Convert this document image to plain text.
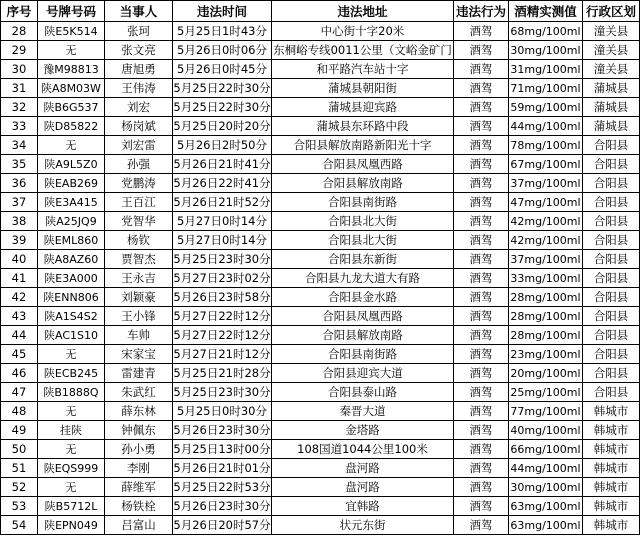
序号	号牌号码	当事人	违法时间	违法地址	违法行为	酒精实测值	行政区划
28	陕E5K514	张珂	5月25日1时43分	中心街十字20米	酒驾	68mg/100ml	潼关县
29	无	张文亮	5月26日0时06分	东桐峪专线0011公里（文峪金矿门	酒驾	30mg/100ml	潼关县
30	豫M98813	唐旭勇	5月26日0时45分	和平路汽车站十字	酒驾	31mg/100ml	潼关县
31	陕A8M03W	王伟涛	5月25日22时30分	蒲城县朝阳街	酒驾	71mg/100ml	蒲城县
32	陕B6G537	刘宏	5月25日22时30分	蒲城县迎宾路	酒驾	59mg/100ml	蒲城县
33	陕D85822	杨岗斌	5月25日20时20分	蒲城县东环路中段	酒驾	44mg/100ml	蒲城县
34	无	刘宏雷	5月26日2时50分	合阳县解放南路新阳光十字	酒驾	78mg/100ml	合阳县
35	陕A9L5Z0	孙强	5月26日21时41分	合阳县凤凰西路	酒驾	67mg/100ml	合阳县
36	陕EAB269	党鹏涛	5月26日22时41分	合阳县解放南路	酒驾	37mg/100ml	合阳县
37	陕E3A415	王百江	5月26日21时52分	合阳县南街路	酒驾	47mg/100ml	合阳县
38	陕A25JQ9	党智华	5月27日0时14分	合阳县北大街	酒驾	42mg/100ml	合阳县
39	陕EML860	杨钦	5月27日0时14分	合阳县北大街	酒驾	42mg/100ml	合阳县
40	陕A8AZ60	贾智杰	5月25日23时30分	合阳县东新街	酒驾	37mg/100ml	合阳县
41	陕E3A000	王永吉	5月27日23时02分	合阳县九龙大道大有路	酒驾	33mg/100ml	合阳县
42	陕ENN806	刘颖豪	5月26日23时58分	合阳县金水路	酒驾	28mg/100ml	合阳县
43	陕A1S4S2	王小锋	5月27日22时12分	合阳县凤凰西路	酒驾	28mg/100ml	合阳县
44	陕AC1S10	车帅	5月27日22时12分	合阳县解放南路	酒驾	28mg/100ml	合阳县
45	无	宋家宝	5月27日21时12分	合阳县南街路	酒驾	23mg/100ml	合阳县
46	陕ECB245	雷建青	5月25日21时28分	合阳县迎宾大道	酒驾	20mg/100ml	合阳县
47	陕B1888Q	朱武红	5月25日23时30分	合阳县泰山路	酒驾	25mg/100ml	合阳县
48	无	薛东林	5月25日0时30分	秦晋大道	酒驾	77mg/100ml	韩城市
49	挂陕	钟佩东	5月26日23时30分	金塔路	酒驾	40mg/100ml	韩城市
50	无	孙小勇	5月25日13时00分	108国道1044公里100米	酒驾	66mg/100ml	韩城市
51	陕EQS999	李刚	5月26日21时01分	盘河路	酒驾	44mg/100ml	韩城市
52	无	薛维军	5月25日22时53分	盘河路	酒驾	30mg/100ml	韩城市
53	陕B5712L	杨铁栓	5月26日23时30分	宜韩路	酒驾	63mg/100ml	韩城市
54	陕EPN049	吕富山	5月26日20时57分	状元东街	酒驾	63mg/100ml	韩城市
